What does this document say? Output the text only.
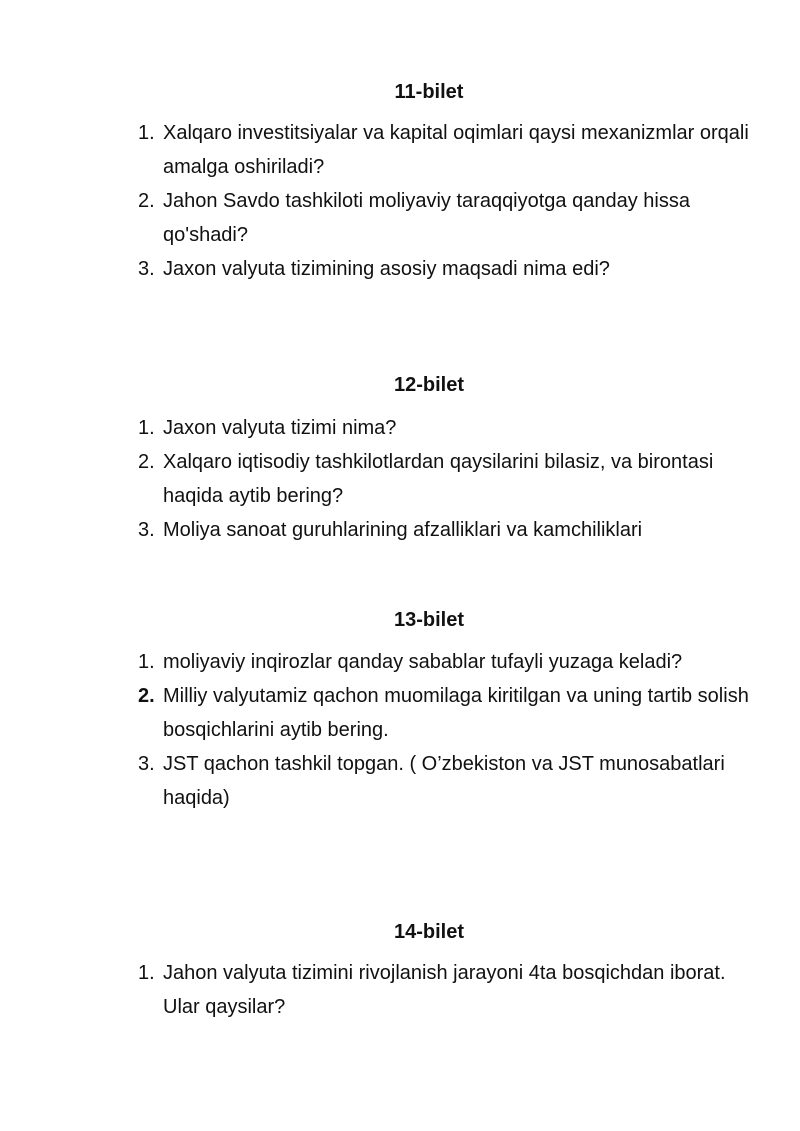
11-bilet
1. Xalqaro investitsiyalar va kapital oqimlari qaysi mexanizmlar orqali amalga oshiriladi?
2. Jahon Savdo tashkiloti moliyaviy taraqqiyotga qanday hissa qo'shadi?
3. Jaxon valyuta tizimining asosiy maqsadi nima edi?
12-bilet
1. Jaxon valyuta tizimi nima?
2. Xalqaro iqtisodiy tashkilotlardan qaysilarini bilasiz, va birontasi haqida aytib bering?
3. Moliya sanoat guruhlarining afzalliklari va kamchiliklari
13-bilet
1. moliyaviy inqirozlar qanday sabablar tufayli yuzaga keladi?
2. Milliy valyutamiz qachon muomilaga kiritilgan va uning tartib solish bosqichlarini aytib bering.
3. JST qachon tashkil topgan. ( O’zbekiston va JST munosabatlari haqida)
14-bilet
1. Jahon valyuta tizimini rivojlanish jarayoni 4ta bosqichdan iborat. Ular qaysilar?
